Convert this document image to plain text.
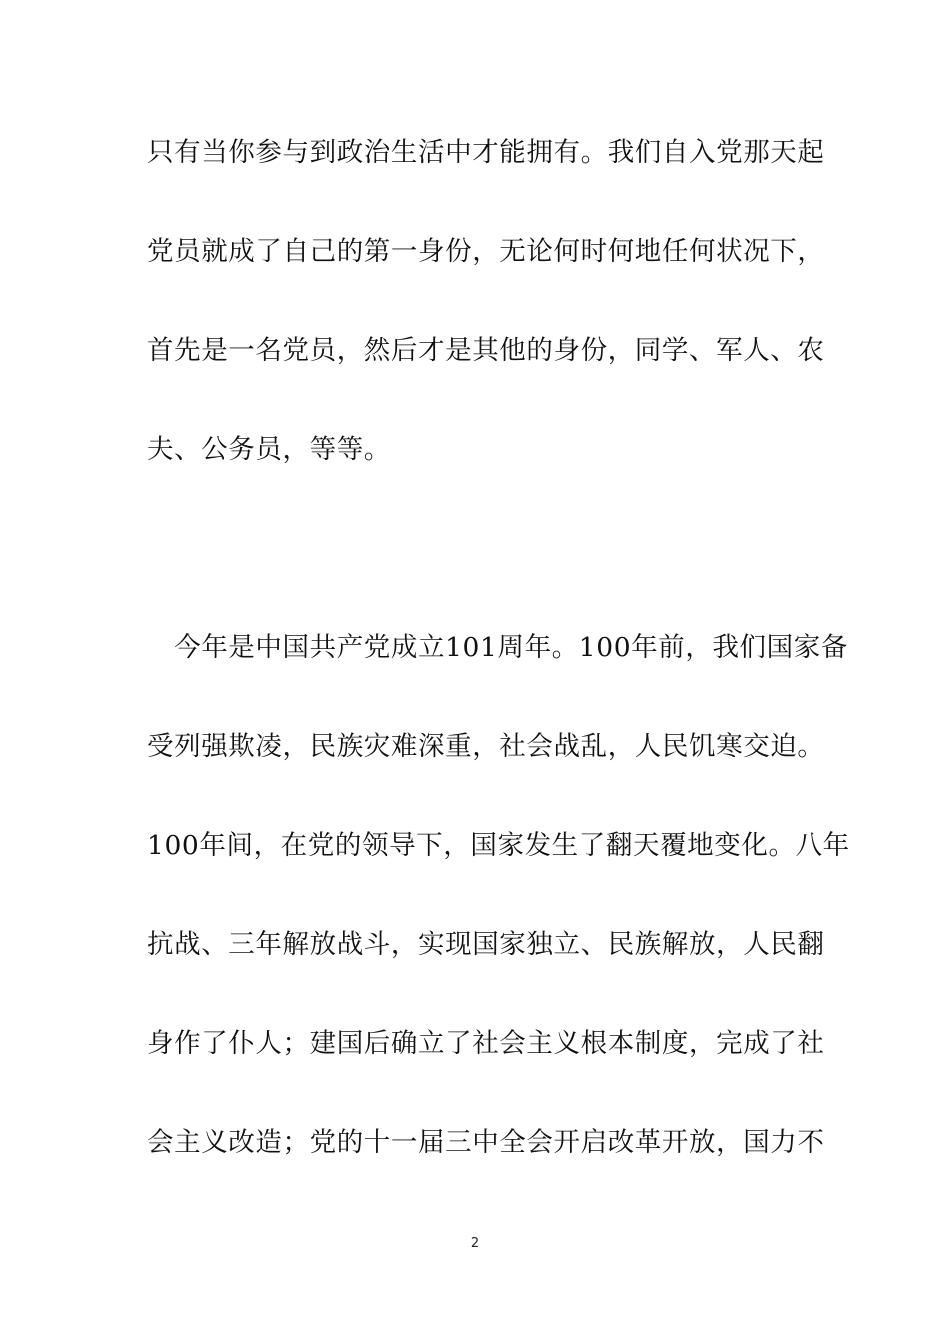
只有当你参与到政治生活中才能拥有。我们自入党那天起
党员就成了自己的第一身份，无论何时何地任何状况下，
首先是一名党员，然后才是其他的身份，同学、军人、农
夫、公务员，等等。
　今年是中国共产党成立101周年。100年前，我们国家备
受列强欺凌，民族灾难深重，社会战乱，人民饥寒交迫。
100年间，在党的领导下，国家发生了翻天覆地变化。八年
抗战、三年解放战斗，实现国家独立、民族解放，人民翻
身作了仆人；建国后确立了社会主义根本制度，完成了社
会主义改造；党的十一届三中全会开启改革开放，国力不
2
